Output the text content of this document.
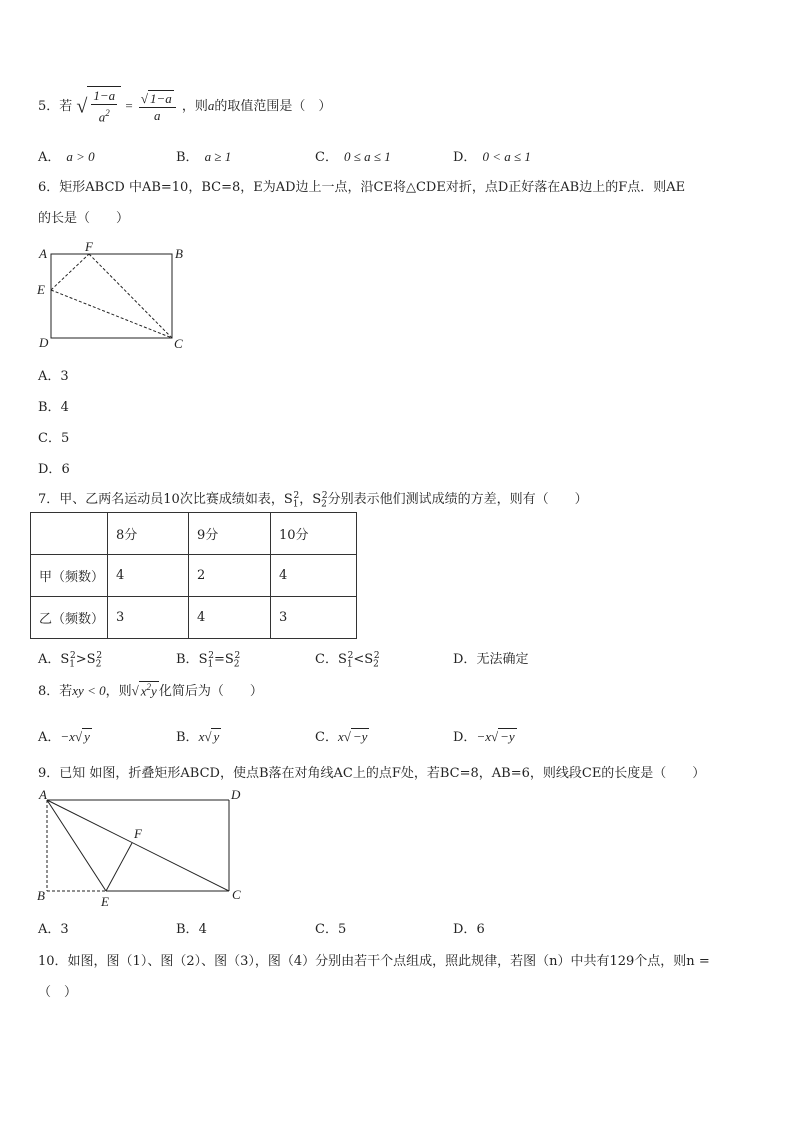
5．若 √ $\frac{1-a}{a^2} = \frac{√ 1-a}{a}$ ，则a的取值范围是（　）
A． a > 0	B． a ≥ 1	C． 0 ≤ a ≤ 1	D． 0 < a ≤ 1
6．矩形ABCD 中AB=10，BC=8，E为AD边上一点，沿CE将△CDE对折，点D正好落在AB边上的F点．则AE
的长是（　　）
A	F	B
E
D	C
A．3
B．4
C．5
D．6
7．甲、乙两名运动员10次比赛成绩如表，$S_1^2$，$S_2^2$分别表示他们测试成绩的方差，则有（　　）
	8分	9分	10分
甲（频数）	4	2	4
乙（频数）	3	4	3
A．$S_1^2>S_2^2$	B．$S_1^2=S_2^2$	C．$S_1^2<S_2^2$	D．无法确定
8．若xy < 0，则√ $x^2y$ 化简后为（　　）
A．−x√ y	B．x√ y	C．x√ −y	D．−x√ −y
9．已知 如图，折叠矩形ABCD，使点B落在对角线AC上的点F处，若BC=8，AB=6，则线段CE的长度是（　　）
A	D
F
B	E	C
A．3	B．4	C．5	D．6
10．如图，图（1）、图（2）、图（3），图（4）分别由若干个点组成，照此规律，若图（n）中共有129个点，则n =
（　）
